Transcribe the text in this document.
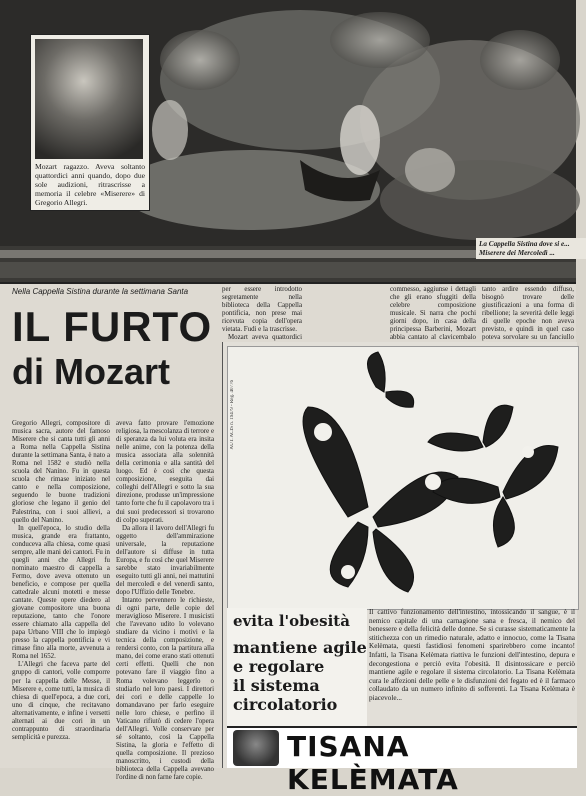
Mozart ragazzo. Aveva soltanto quattordici anni quando, dopo due sole audizioni, ritrascrisse a memoria il celebre «Miserere» di Gregorio Allegri.
La Cappella Sistina dove si e... Miserere dei Mercoledì ...
Nella Cappella Sistina durante la settimana Santa
IL FURTO
di Mozart
Gregorio Allegri, compositore di musica sacra, autore del famoso Miserere che si canta tutti gli anni a Roma nella Cappella Sistina durante la settimana Santa, è nato a Roma nel 1582 e studiò nella scuola del Nanino. Fu in questa scuola che rimase iniziato nel canto e nella composizione, seguendo le buone tradizioni gloriose che legano il genio del Palestrina, con i suoi allievi, a quello del Nanino.
In quell'epoca, lo studio della musica, grande era frattanto, conduceva alla chiesa, come quasi sempre, alle mani dei cantori. Fu in quegli anni che Allegri fu nominato maestro di cappella a Fermo, dove aveva ottenuto un beneficio, e compose per quella cattedrale alcuni motetti e messe cantate. Queste opere diedero al giovane compositore una buona reputazione, tanto che l'onore essere chiamato alla cappella del papa Urbano VIII che lo impiegò presso la cappella pontificia e vi rimase fino alla morte, avvenuta a Roma nel 1652.
L'Allegri che faceva parte del gruppo di cantori, volle comporre per la cappella delle Messe, il Miserere e, come tutti, la musica di chiesa di quell'epoca, a due cori, uno di cinque, che recitavano alternativamente, e infine i versetti alternati ai due cori in un contrappunto di straordinaria semplicità e purezza.
aveva fatto provare l'emozione religiosa, la mescolanza di terrore e di speranza da lui voluta era insita nelle anime, con la potenza della musica associata alla solennità della cerimonia e alla santità del luogo. Ed è così che questa composizione, eseguita dai colleghi dell'Allegri e sotto la sua direzione, produsse un'impressione tanto forte che fu il capolavoro tra i dui suoi predecessori si trovarono di colpo superati.
Da allora il lavoro dell'Allegri fu oggetto dell'ammirazione universale, la reputazione dell'autore si diffuse in tutta Europa, e fu così che quel Miserere sarebbe stato invariabilmente eseguito tutti gli anni, nei mattutini del mercoledì e del venerdì santo, dopo l'Uffizio delle Tenebre.
Intanto pervennero le richieste, di ogni parte, delle copie del meraviglioso Miserere. I musicisti che l'avevano udito lo volevano studiare da vicino i motivi e la tecnica della composizione, e rendersi conto, con la partitura alla mano, dei come erano stati ottenuti certi effetti. Quelli che non potevano fare il viaggio fino a Roma volevano leggerlo o studiarlo nel loro paesi. I direttori dei cori e delle cappelle lo domandavano per farlo eseguire nelle loro chiese, e perfino il Vaticano rifiutò di cedere l'opera dell'Allegri. Volle conservare per sé soltanto, così la Cappella Sistina, la gloria e l'effetto di quella composizione. Il prezioso manoscritto, i custodi della biblioteca della Cappella avevano l'ordine di non farne fare copie.
per essere introdotto segretamente nella biblioteca della Cappella pontificia, non prese mai ricevuta copia dell'opera vietata. Fudi e la trascrisse.
Mozart aveva quattordici
commesso, aggiunse i dettagli che gli erano sfuggiti della celebre composizione musicale. Si narra che pochi giorni dopo, in casa della principessa Barberini, Mozart abbia cantato al clavicembalo
tanto ardire essendo diffuso, bisognò trovare delle giustificazioni a una forma di ribellione; la severità delle leggi di quelle epoche non aveva previsto, e quindi in quel caso poteva sorvolare su un fanciullo
evita l'obesità
mantiene agile
e regolare
il sistema
circolatorio
Il cattivo funzionamento dell'intestino, intossicando il sangue, è il nemico capitale di una carnagione sana e fresca, il nemico del benessere e della felicità delle donne. Se si curasse sistematicamente la stitichezza con un rimedio naturale, adatto e innocuo, come la Tisana Kelèmata, questi fastidiosi fenomeni sparirebbero come incanto! Infatti, la Tisana Kelèmata riattiva le funzioni dell'intestino, depura e decongestiona e perciò evita l'obesità. Il disintossicare e perciò mantiene agile e regolare il sistema circolatorio. La Tisana Kelèmata cura le affezioni delle pelle e le disfunzioni del fegato ed è il farmaco collaudato da un numero infinito di sofferenti. La Tisana Kelèmata è piacevole...
TISANA KELÈMATA
AUT. ACIS n. 19479 - Reg. 40776
